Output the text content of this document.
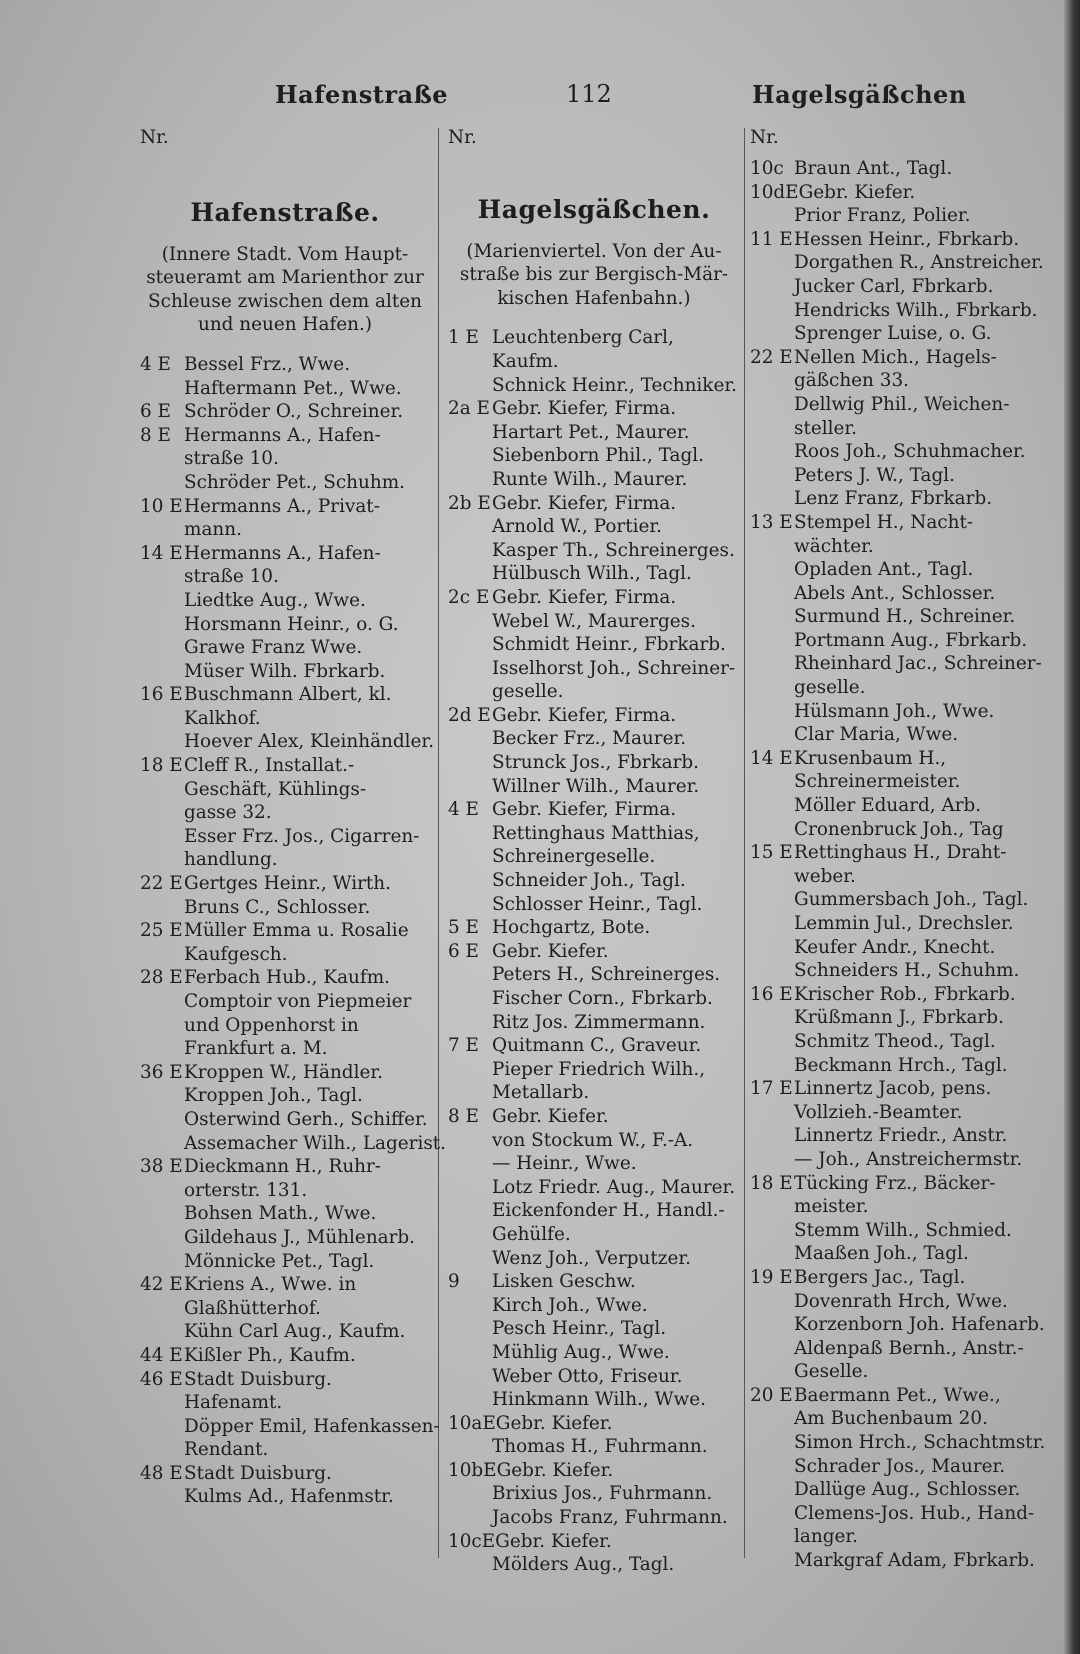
Hafenstraße	112	Hagelsgäßchen
Nr.
Hafenstraße.
(Innere Stadt. Vom Haupt-steueramt am Marienthor zur Schleuse zwischen dem alten und neuen Hafen.)
4 E Bessel Frz., Wwe.
Haftermann Pet., Wwe.
6 E Schröder O., Schreiner.
8 E Hermanns A., Hafen-
straße 10.
Schröder Pet., Schuhm.
10 EHermanns A., Privat-
mann.
14 EHermanns A., Hafen-
straße 10.
Liedtke Aug., Wwe.
Horsmann Heinr., o. G.
Grawe Franz Wwe.
Müser Wilh. Fbrkarb.
16 EBuschmann Albert, kl.
Kalkhof.
Hoever Alex, Kleinhändler.
18 ECleff R., Installat.-
Geschäft, Kühlings-
gasse 32.
Esser Frz. Jos., Cigarren-
handlung.
22 EGertges Heinr., Wirth.
Bruns C., Schlosser.
25 EMüller Emma u. Rosalie
Kaufgesch.
28 EFerbach Hub., Kaufm.
Comptoir von Piepmeier
und Oppenhorst in
Frankfurt a. M.
36 EKroppen W., Händler.
Kroppen Joh., Tagl.
Osterwind Gerh., Schiffer.
Assemacher Wilh., Lagerist.
38 EDieckmann H., Ruhr-
orterstr. 131.
Bohsen Math., Wwe.
Gildehaus J., Mühlenarb.
Mönnicke Pet., Tagl.
42 EKriens A., Wwe. in
Glaßhütterhof.
Kühn Carl Aug., Kaufm.
44 EKißler Ph., Kaufm.
46 EStadt Duisburg.
Hafenamt.
Döpper Emil, Hafenkassen-
Rendant.
48 EStadt Duisburg.
Kulms Ad., Hafenmstr.
Nr.
Hagelsgäßchen.
(Marienviertel. Von der Au-straße bis zur Bergisch-Mär-kischen Hafenbahn.)
1 E Leuchtenberg Carl,
Kaufm.
Schnick Heinr., Techniker.
2a E Gebr. Kiefer, Firma.
Hartart Pet., Maurer.
Siebenborn Phil., Tagl.
Runte Wilh., Maurer.
2b EGebr. Kiefer, Firma.
Arnold W., Portier.
Kasper Th., Schreinerges.
Hülbusch Wilh., Tagl.
2c E Gebr. Kiefer, Firma.
Webel W., Maurerges.
Schmidt Heinr., Fbrkarb.
Isselhorst Joh., Schreiner-
geselle.
2d EGebr. Kiefer, Firma.
Becker Frz., Maurer.
Strunck Jos., Fbrkarb.
Willner Wilh., Maurer.
4 E Gebr. Kiefer, Firma.
Rettinghaus Matthias,
Schreinergeselle.
Schneider Joh., Tagl.
Schlosser Heinr., Tagl.
5 E Hochgartz, Bote.
6 E Gebr. Kiefer.
Peters H., Schreinerges.
Fischer Corn., Fbrkarb.
Ritz Jos. Zimmermann.
7 E Quitmann C., Graveur.
Pieper Friedrich Wilh.,
Metallarb.
8 E Gebr. Kiefer.
von Stockum W., F.-A.
— Heinr., Wwe.
Lotz Friedr. Aug., Maurer.
Eickenfonder H., Handl.-
Gehülfe.
Wenz Joh., Verputzer.
9 Lisken Geschw.
Kirch Joh., Wwe.
Pesch Heinr., Tagl.
Mühlig Aug., Wwe.
Weber Otto, Friseur.
Hinkmann Wilh., Wwe.
10aEGebr. Kiefer.
Thomas H., Fuhrmann.
10bEGebr. Kiefer.
Brixius Jos., Fuhrmann.
Jacobs Franz, Fuhrmann.
10cEGebr. Kiefer.
Mölders Aug., Tagl.
Nr.
10c Braun Ant., Tagl.
10dEGebr. Kiefer.
Prior Franz, Polier.
11 EHessen Heinr., Fbrkarb.
Dorgathen R., Anstreicher.
Jucker Carl, Fbrkarb.
Hendricks Wilh., Fbrkarb.
Sprenger Luise, o. G.
22 ENellen Mich., Hagels-
gäßchen 33.
Dellwig Phil., Weichen-
steller.
Roos Joh., Schuhmacher.
Peters J. W., Tagl.
Lenz Franz, Fbrkarb.
13 EStempel H., Nacht-
wächter.
Opladen Ant., Tagl.
Abels Ant., Schlosser.
Surmund H., Schreiner.
Portmann Aug., Fbrkarb.
Rheinhard Jac., Schreiner-
geselle.
Hülsmann Joh., Wwe.
Clar Maria, Wwe.
14 EKrusenbaum H.,
Schreinermeister.
Möller Eduard, Arb.
Cronenbruck Joh., Tag
15 ERettinghaus H., Draht-
weber.
Gummersbach Joh., Tagl.
Lemmin Jul., Drechsler.
Keufer Andr., Knecht.
Schneiders H., Schuhm.
16 EKrischer Rob., Fbrkarb.
Krüßmann J., Fbrkarb.
Schmitz Theod., Tagl.
Beckmann Hrch., Tagl.
17 ELinnertz Jacob, pens.
Vollzieh.-Beamter.
Linnertz Friedr., Anstr.
— Joh., Anstreichermstr.
18 ETücking Frz., Bäcker-
meister.
Stemm Wilh., Schmied.
Maaßen Joh., Tagl.
19 EBergers Jac., Tagl.
Dovenrath Hrch, Wwe.
Korzenborn Joh. Hafenarb.
Aldenpaß Bernh., Anstr.-
Geselle.
20 EBaermann Pet., Wwe.,
Am Buchenbaum 20.
Simon Hrch., Schachtmstr.
Schrader Jos., Maurer.
Dallüge Aug., Schlosser.
Clemens-Jos. Hub., Hand-
langer.
Markgraf Adam, Fbrkarb.
